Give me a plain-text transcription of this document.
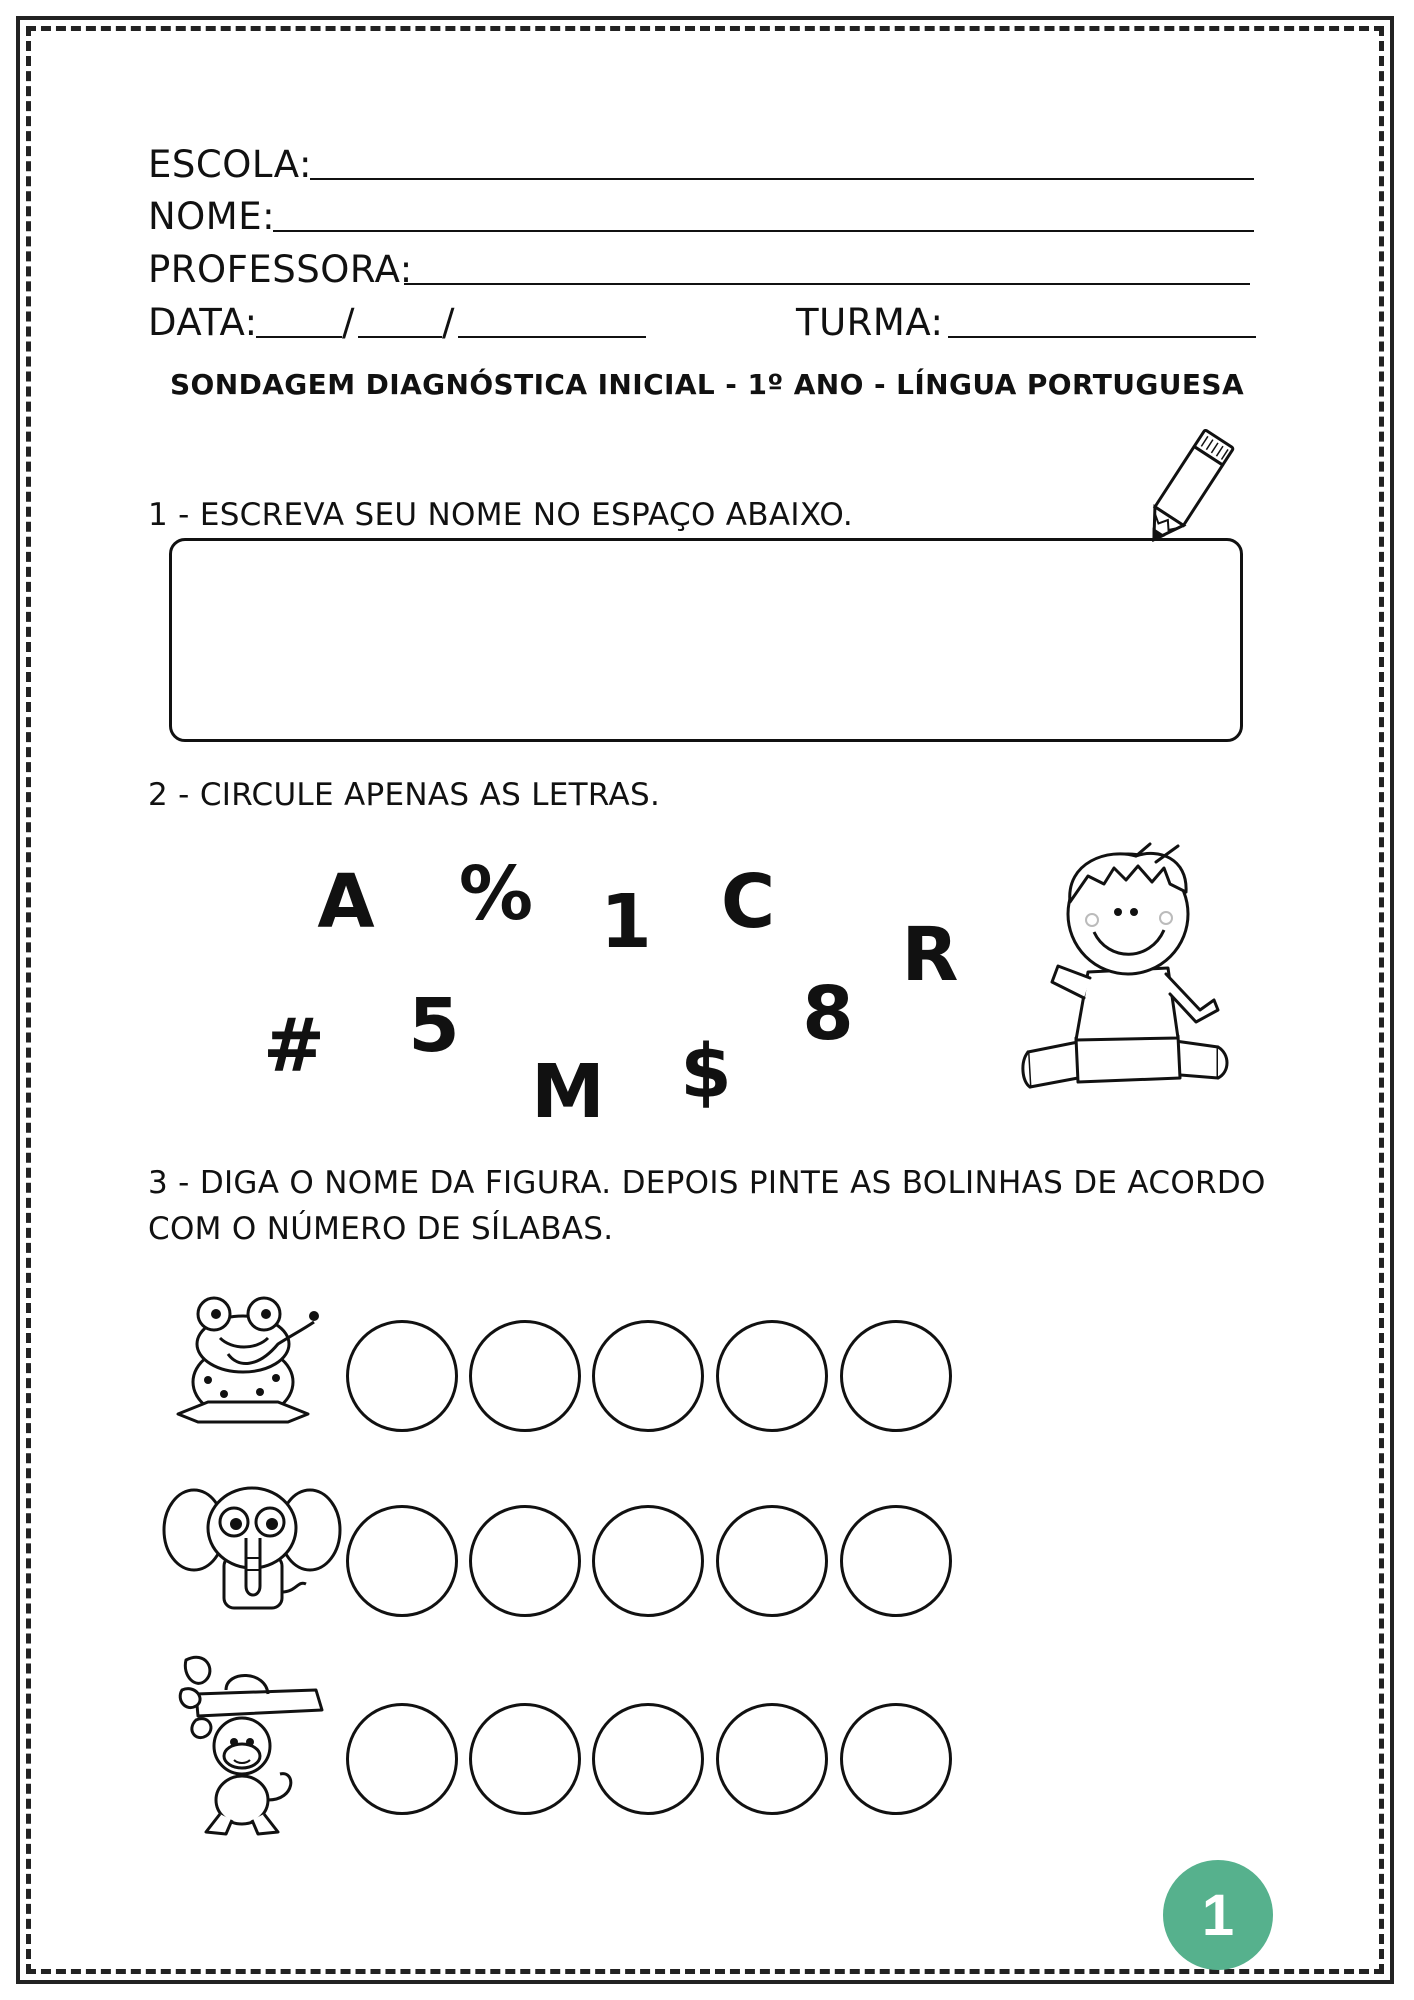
ESCOLA:
NOME:
PROFESSORA:
DATA: / /	TURMA:
SONDAGEM DIAGNÓSTICA INICIAL - 1º ANO - LÍNGUA PORTUGUESA
1 - ESCREVA SEU NOME NO ESPAÇO ABAIXO.
2 - CIRCULE APENAS AS LETRAS.
A % 1 C
R
# 5
M $
8
3 - DIGA O NOME DA FIGURA. DEPOIS PINTE AS BOLINHAS DE ACORDO
COM O NÚMERO DE SÍLABAS.
1
